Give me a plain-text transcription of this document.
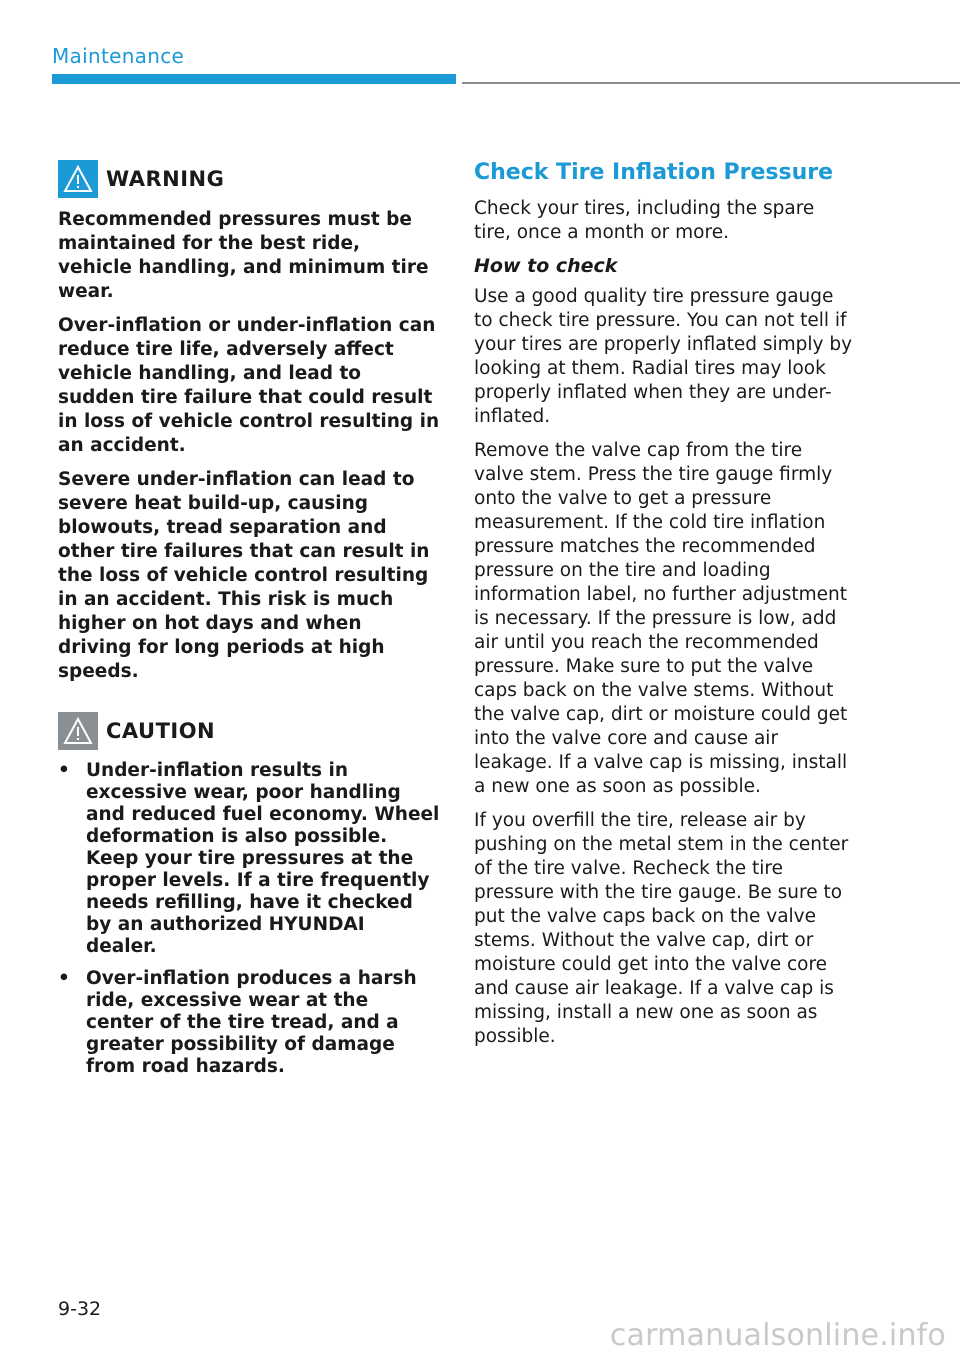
Maintenance
WARNING

Recommended pressures must be maintained for the best ride, vehicle handling, and minimum tire wear.

Over-inflation or under-inflation can reduce tire life, adversely affect vehicle handling, and lead to sudden tire failure that could result in loss of vehicle control resulting in an accident.

Severe under-inflation can lead to severe heat build-up, causing blowouts, tread separation and other tire failures that can result in the loss of vehicle control resulting in an accident. This risk is much higher on hot days and when driving for long periods at high speeds.

CAUTION
• Under-inflation results in excessive wear, poor handling and reduced fuel economy. Wheel deformation is also possible. Keep your tire pressures at the proper levels. If a tire frequently needs refilling, have it checked by an authorized HYUNDAI dealer.
• Over-inflation produces a harsh ride, excessive wear at the center of the tire tread, and a greater possibility of damage from road hazards.
Check Tire Inflation Pressure

Check your tires, including the spare tire, once a month or more.

How to check

Use a good quality tire pressure gauge to check tire pressure. You can not tell if your tires are properly inflated simply by looking at them. Radial tires may look properly inflated when they are under-inflated.

Remove the valve cap from the tire valve stem. Press the tire gauge firmly onto the valve to get a pressure measurement. If the cold tire inflation pressure matches the recommended pressure on the tire and loading information label, no further adjustment is necessary. If the pressure is low, add air until you reach the recommended pressure. Make sure to put the valve caps back on the valve stems. Without the valve cap, dirt or moisture could get into the valve core and cause air leakage. If a valve cap is missing, install a new one as soon as possible.

If you overfill the tire, release air by pushing on the metal stem in the center of the tire valve. Recheck the tire pressure with the tire gauge. Be sure to put the valve caps back on the valve stems. Without the valve cap, dirt or moisture could get into the valve core and cause air leakage. If a valve cap is missing, install a new one as soon as possible.

9-32
carmanualsonline.info
